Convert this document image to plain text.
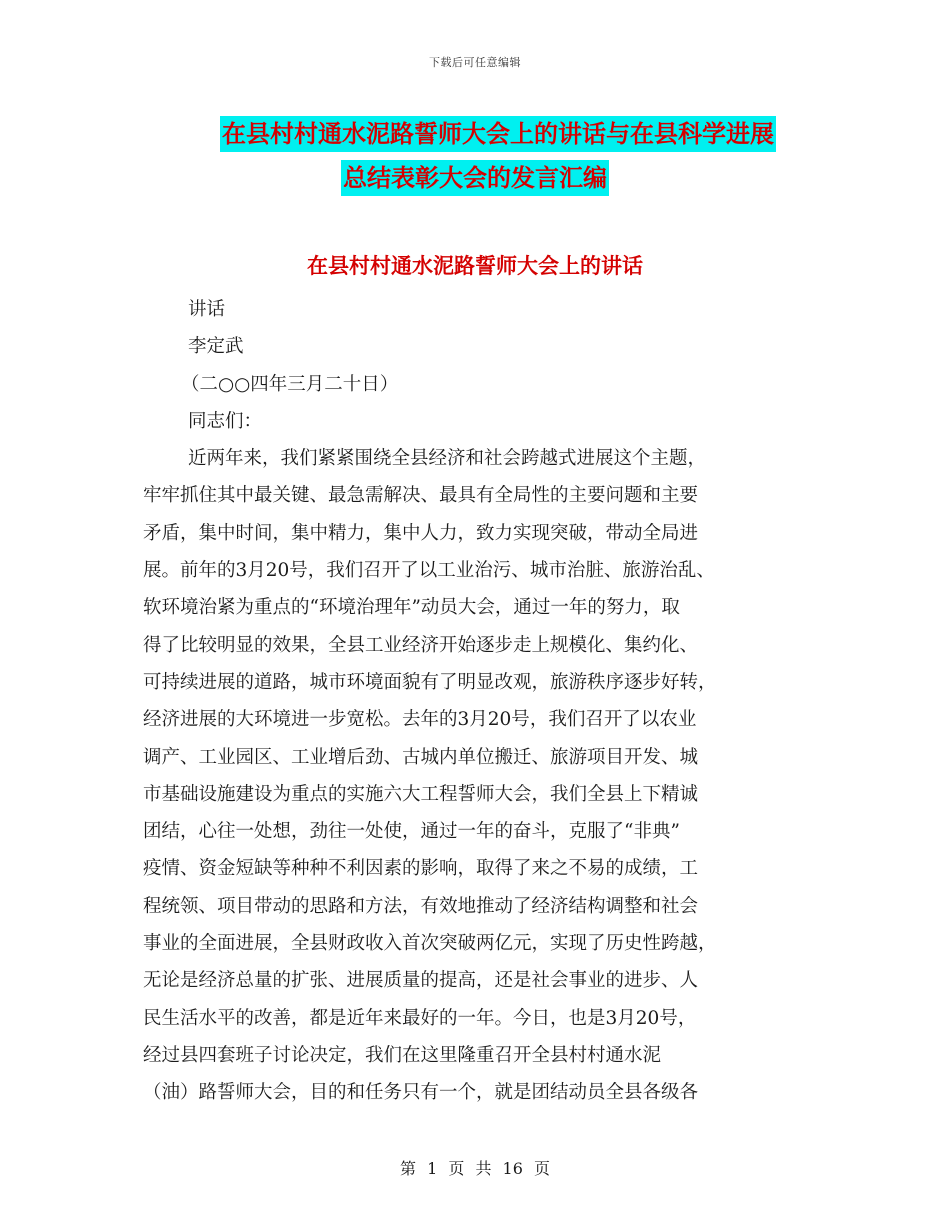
下载后可任意编辑
在县村村通水泥路誓师大会上的讲话与在县科学进展
总结表彰大会的发言汇编
在县村村通水泥路誓师大会上的讲话
讲话
李定武
（二○○四年三月二十日）
同志们：
近两年来，我们紧紧围绕全县经济和社会跨越式进展这个主题，
牢牢抓住其中最关键、最急需解决、最具有全局性的主要问题和主要
矛盾，集中时间，集中精力，集中人力，致力实现突破，带动全局进
展。前年的3月20号，我们召开了以工业治污、城市治脏、旅游治乱、
软环境治紧为重点的“环境治理年”动员大会，通过一年的努力，取
得了比较明显的效果，全县工业经济开始逐步走上规模化、集约化、
可持续进展的道路，城市环境面貌有了明显改观，旅游秩序逐步好转，
经济进展的大环境进一步宽松。去年的3月20号，我们召开了以农业
调产、工业园区、工业增后劲、古城内单位搬迁、旅游项目开发、城
市基础设施建设为重点的实施六大工程誓师大会，我们全县上下精诚
团结，心往一处想，劲往一处使，通过一年的奋斗，克服了“非典”
疫情、资金短缺等种种不利因素的影响，取得了来之不易的成绩，工
程统领、项目带动的思路和方法，有效地推动了经济结构调整和社会
事业的全面进展，全县财政收入首次突破两亿元，实现了历史性跨越，
无论是经济总量的扩张、进展质量的提高，还是社会事业的进步、人
民生活水平的改善，都是近年来最好的一年。今日，也是3月20号，
经过县四套班子讨论决定，我们在这里隆重召开全县村村通水泥
（油）路誓师大会，目的和任务只有一个，就是团结动员全县各级各
第 1 页 共 16 页
